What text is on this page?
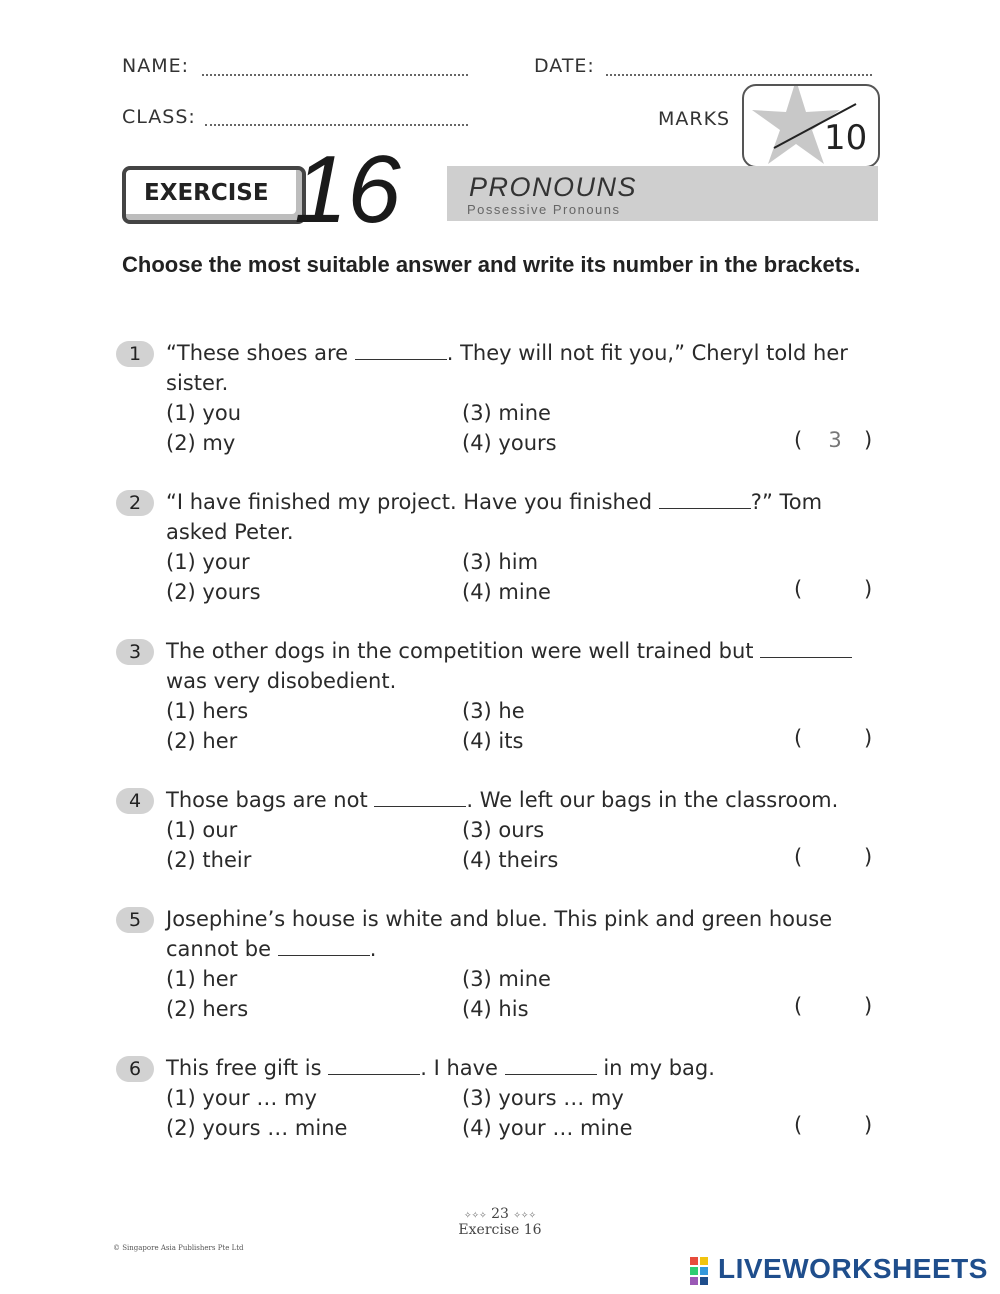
NAME:	DATE:
CLASS:	MARKS	10
EXERCISE 16	PRONOUNS
Possessive Pronouns
Choose the most suitable answer and write its number in the brackets.
1	“These shoes are	. They will not fit you,” Cheryl told her sister.
(1) you
(2) my
(3) mine
(4) yours	(	3	)
2	“I have finished my project. Have you finished	?” Tom asked Peter.
(1) your
(2) yours
(3) him
(4) mine	(	)
3	The other dogs in the competition were well trained but  was very disobedient.
(1) hers
(2) her
(3) he
(4) its	(	)
4	Those bags are not	. We left our bags in the classroom.
(1) our
(2) their
(3) ours
(4) theirs	(	)
5	Josephine’s house is white and blue. This pink and green house cannot be	.
(1) her
(2) hers
(3) mine
(4) his	(	)
6	This free gift is	. I have	in my bag.
(1) your … my
(2) yours … mine
(3) yours … my
(4) your … mine	(	)
✧✧✧ 23 ✧✧✧
Exercise 16
© Singapore Asia Publishers Pte Ltd
LIVEWORKSHEETS
